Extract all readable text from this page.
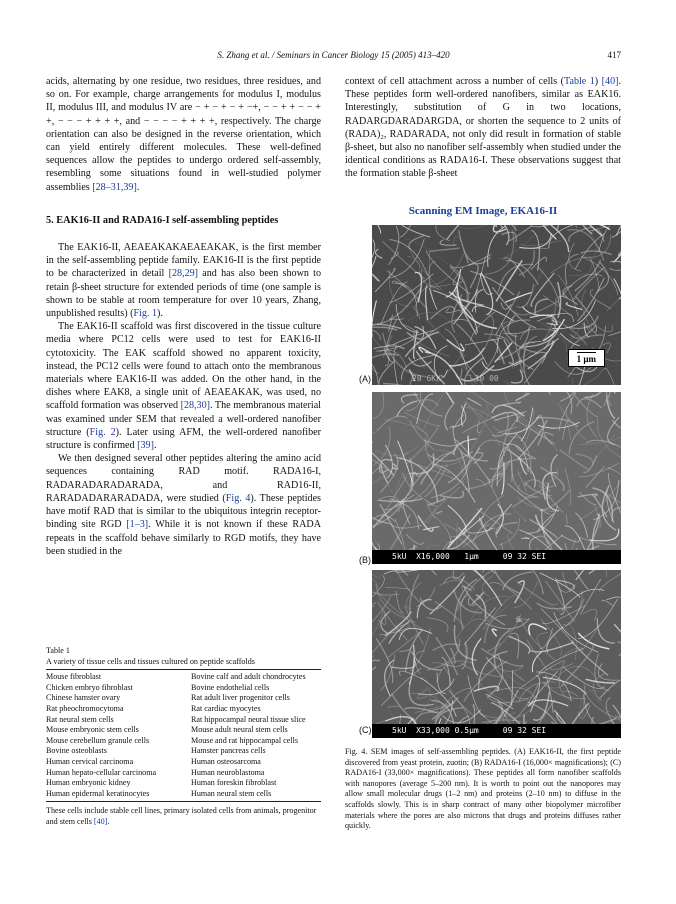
S. Zhang et al. / Seminars in Cancer Biology 15 (2005) 413–420	417

acids, alternating by one residue, two residues, three residues, and so on. For example, charge arrangements for modulus I, modulus II, modulus III, and modulus IV are − + − + − + −+, − − + + − − + +, − − − + + + +, and − − − − + + + +, respectively. The charge orientation can also be designed in the reverse orientation, which can yield entirely different molecules. These well-defined sequences allow the peptides to undergo ordered self-assembly, resembling some situations found in well-studied polymer assemblies [28–31,39].

5. EAK16-II and RADA16-I self-assembling peptides

The EAK16-II, AEAEAKAKAEAEAKAK, is the first member in the self-assembling peptide family. EAK16-II is the first peptide to be characterized in detail [28,29] and has also been shown to retain β-sheet structure for extended periods of time (one sample is shown to be stable at room temperature for over 10 years, Zhang, unpublished results) (Fig. 1).

The EAK16-II scaffold was first discovered in the tissue culture media where PC12 cells were used to test for EAK16-II cytotoxicity. The EAK scaffold showed no apparent toxicity, instead, the PC12 cells were found to attach onto the membranous materials where EAK16-II was added. On the other hand, in the dishes where EAK8, a single unit of AEAEAKAK, was used, no scaffold formation was observed [28,30]. The membranous material was examined under SEM that revealed a well-ordered nanofiber structure (Fig. 2). Later using AFM, the well-ordered nanofiber structure is confirmed [39].

We then designed several other peptides altering the amino acid sequences containing RAD motif. RADA16-I, RADARADARADARADA, and RAD16-II, RARADADARARADADA, were studied (Fig. 4). These peptides have motif RAD that is similar to the ubiquitous integrin receptor-binding site RGD [1–3]. While it is not known if these RADA repeats in the scaffold behave similarly to RGD motifs, they have been studied in the

Table 1

A variety of tissue cells and tissues cultured on peptide scaffolds

Mouse fibroblast	Bovine calf and adult chondrocytes
Chicken embryo fibroblast	Bovine endothelial cells
Chinese hamster ovary	Rat adult liver progenitor cells
Rat pheochromocytoma	Rat cardiac myocytes
Rat neural stem cells	Rat hippocampal neural tissue slice
Mouse embryonic stem cells	Mouse adult neural stem cells
Mouse cerebellum granule cells	Mouse and rat hippocampal cells
Bovine osteoblasts	Hamster pancreas cells
Human cervical carcinoma	Human osteosarcoma
Human hepato-cellular carcinoma	Human neuroblastoma
Human embryonic kidney	Human foreskin fibroblast
Human epidermal keratinocytes	Human neural stem cells

These cells include stable cell lines, primary isolated cells from animals, progenitor and stem cells [40].

context of cell attachment across a number of cells (Table 1) [40]. These peptides form well-ordered nanofibers, similar as EAK16. Interestingly, substitution of G in two locations, RADARGDARADARGDA, or shorten the sequence to 2 units of (RADA)₂, RADARADA, not only did result in formation of stable β-sheet, but also no nanofiber self-assembly when studied under the identical conditions as RADA16-I. These observations suggest that the formation stable β-sheet

Scanning EM Image, EKA16-II
1 µm
20 6KX       10 00
(A)
5kU  X16,000   1µm     09 32 SEI
(B)
5kU  X33,000 0.5µm     09 32 SEI
(C)

Fig. 4. SEM images of self-assembling peptides. (A) EAK16-II, the first peptide discovered from yeast protein, zuotin; (B) RADA16-I (16,000× magnifications); (C) RADA16-I (33,000× magnifications). These peptides all form nanofiber scaffolds with nanopores (average 5–200 nm). It is worth to point out the nanopores may allow small molecular drugs (1–2 nm) and proteins (2–10 nm) to diffuse in the scaffolds slowly. This is in sharp contract of many other biopolymer microfiber materials where the pores are also microns that drugs and proteins diffuses rather quickly.
